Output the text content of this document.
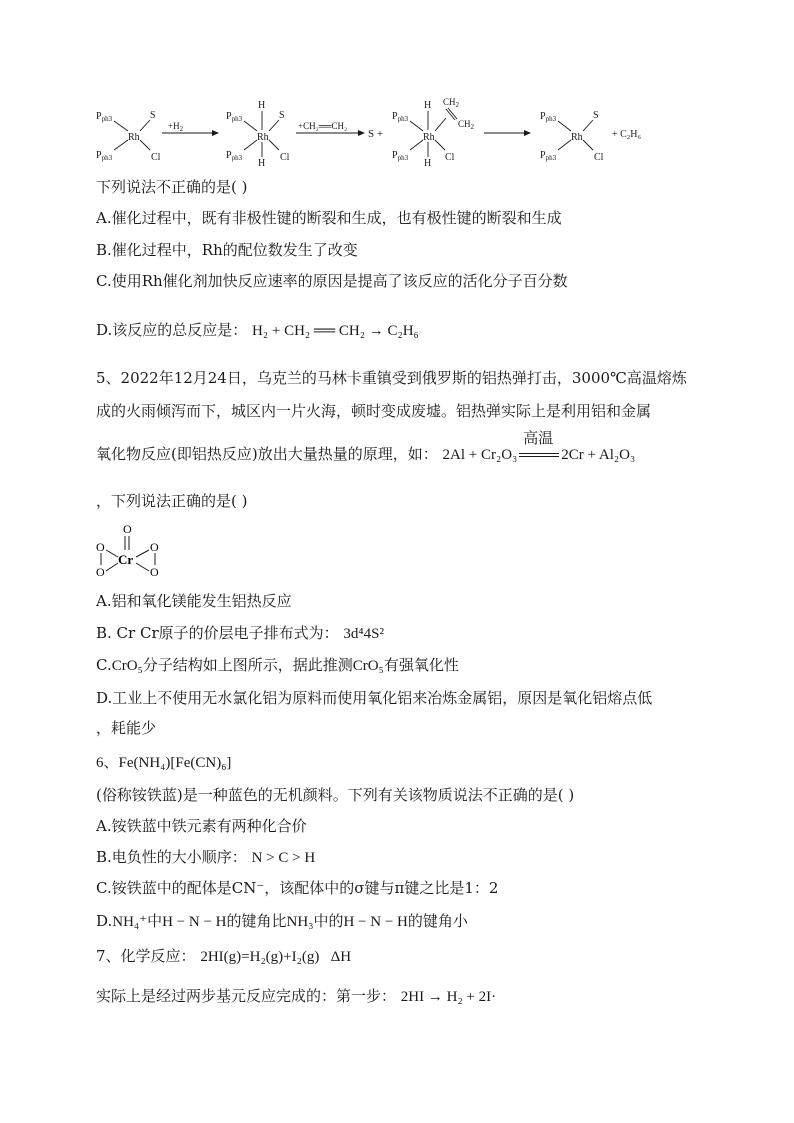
$P_{ph3}$
$P_{ph3}$
Rh
S
Cl
$+H_2$
$P_{ph3}$
$P_{ph3}$
Rh
H
H
S
Cl
+CH₂══CH₂
S +
$P_{ph3}$
$P_{ph3}$
Rh
H
H
$CH_2$
$CH_2$
Cl
$P_{ph3}$
$P_{ph3}$
Rh
S
Cl
+ C₂H₆
下列说法不正确的是( )
A.催化过程中，既有非极性键的断裂和生成，也有极性键的断裂和生成
B.催化过程中，Rh的配位数发生了改变
C.使用Rh催化剂加快反应速率的原因是提高了该反应的活化分子百分数
D.该反应的总反应是： H₂ + CH₂ ══ CH₂ → C₂H₆
5、2022年12月24日，乌克兰的马林卡重镇受到俄罗斯的铝热弹打击，3000℃高温熔炼
成的火雨倾泻而下，城区内一片火海，顿时变成废墟。铝热弹实际上是利用铝和金属
氧化物反应(即铝热反应)放出大量热量的原理，如： 2Al + Cr₂O₃
高温
2Cr + Al₂O₃
，下列说法正确的是( )
O
Cr
O
O
O
O
A.铝和氧化镁能发生铝热反应
B. Cr Cr原子的价层电子排布式为： 3d⁴4S²
C.CrO₅分子结构如上图所示，据此推测CrO₅有强氧化性
D.工业上不使用无水氯化铝为原料而使用氧化铝来冶炼金属铝，原因是氧化铝熔点低
，耗能少
6、Fe(NH₄)[Fe(CN)₆]
(俗称铵铁蓝)是一种蓝色的无机颜料。下列有关该物质说法不正确的是( )
A.铵铁蓝中铁元素有两种化合价
B.电负性的大小顺序： N > C > H
C.铵铁蓝中的配体是CN⁻，该配体中的σ键与π键之比是1：2
D.NH₄⁺中H − N − H的键角比NH₃中的H − N − H的键角小
7、化学反应： 2HI(g)=H₂(g)+I₂(g)   ΔH
实际上是经过两步基元反应完成的：第一步： 2HI → H₂ + 2I·
